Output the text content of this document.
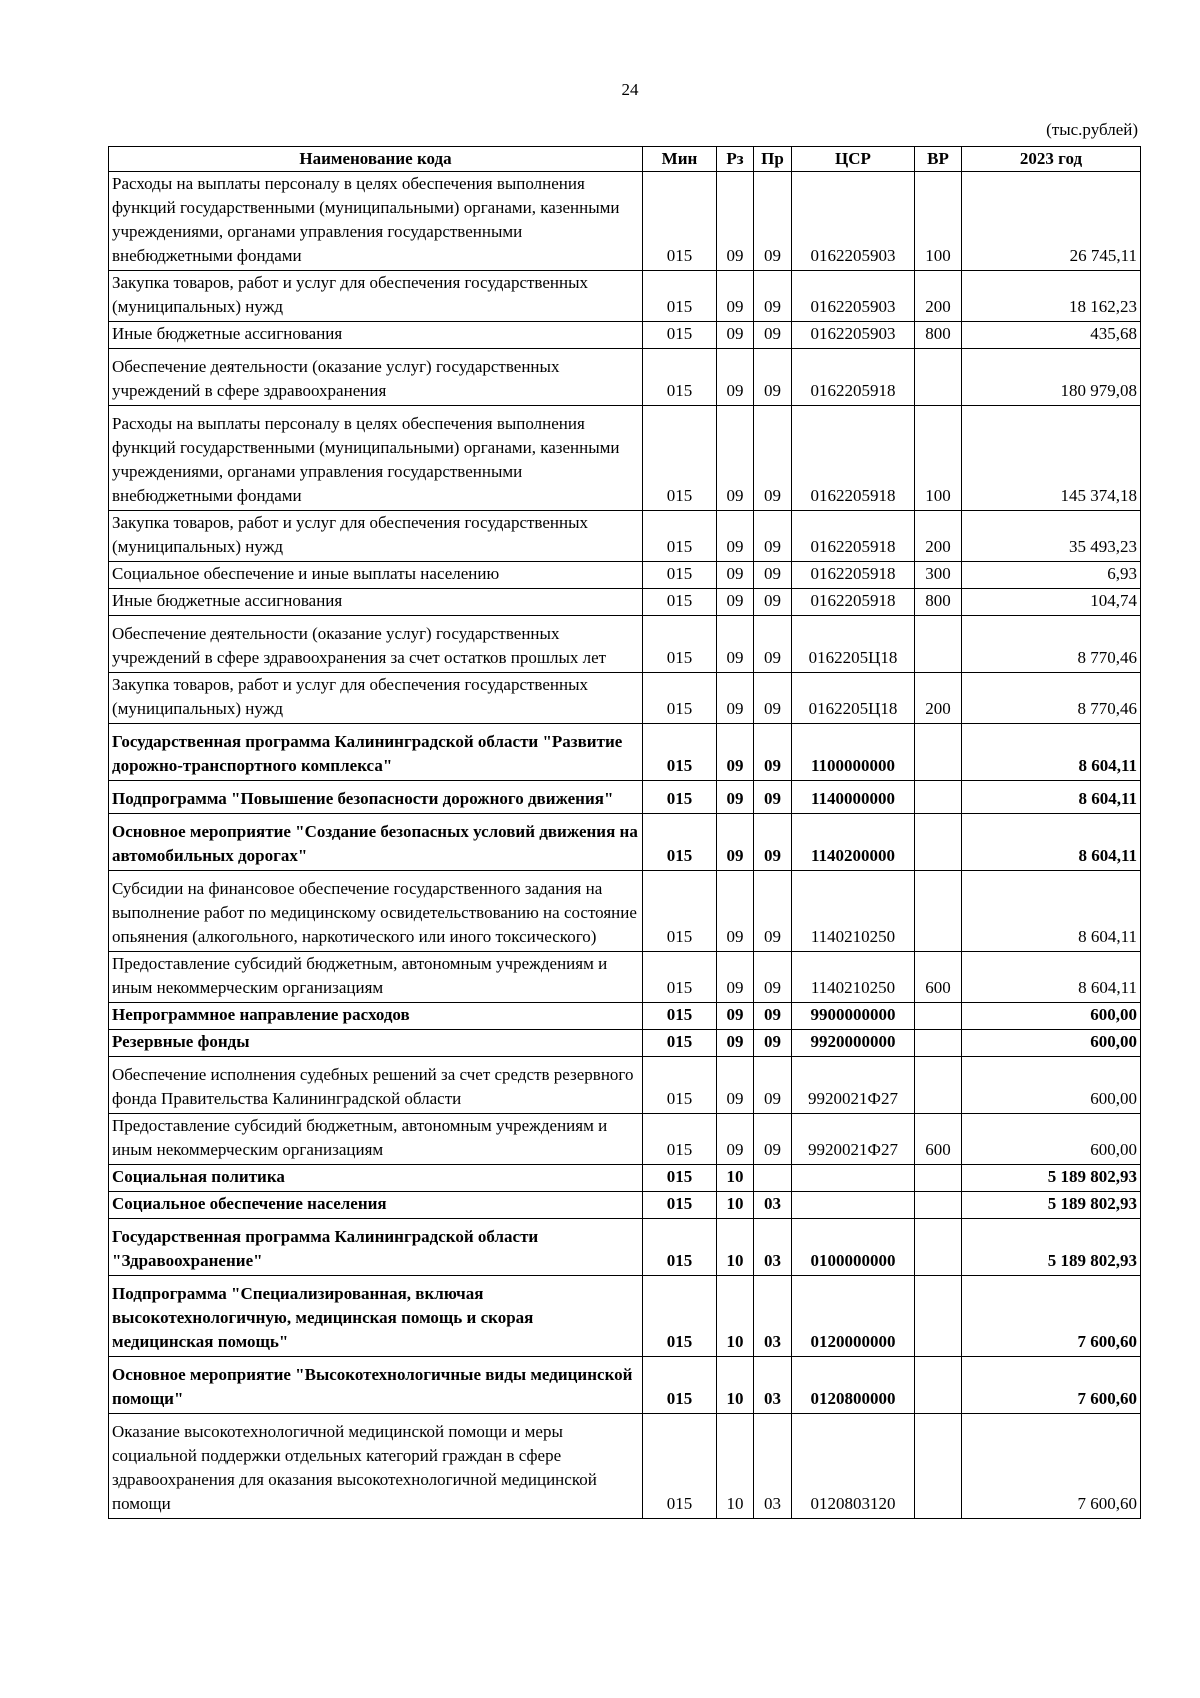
24
(тыс.рублей)
Наименование кода	Мин	Рз	Пр	ЦСР	ВР	2023 год
Расходы на выплаты персоналу в целях обеспечения выполнения функций государственными (муниципальными) органами, казенными учреждениями, органами управления государственными внебюджетными фондами	015	09	09	0162205903	100	26 745,11
Закупка товаров, работ и услуг для обеспечения государственных (муниципальных) нужд	015	09	09	0162205903	200	18 162,23
Иные бюджетные ассигнования	015	09	09	0162205903	800	435,68
Обеспечение деятельности (оказание услуг) государственных учреждений в сфере здравоохранения	015	09	09	0162205918		180 979,08
Расходы на выплаты персоналу в целях обеспечения выполнения функций государственными (муниципальными) органами, казенными учреждениями, органами управления государственными внебюджетными фондами	015	09	09	0162205918	100	145 374,18
Закупка товаров, работ и услуг для обеспечения государственных (муниципальных) нужд	015	09	09	0162205918	200	35 493,23
Социальное обеспечение и иные выплаты населению	015	09	09	0162205918	300	6,93
Иные бюджетные ассигнования	015	09	09	0162205918	800	104,74
Обеспечение деятельности (оказание услуг) государственных учреждений в сфере здравоохранения за счет остатков прошлых лет	015	09	09	0162205Ц18		8 770,46
Закупка товаров, работ и услуг для обеспечения государственных (муниципальных) нужд	015	09	09	0162205Ц18	200	8 770,46
Государственная программа Калининградской области "Развитие дорожно-транспортного комплекса"	015	09	09	1100000000		8 604,11
Подпрограмма "Повышение безопасности дорожного движения"	015	09	09	1140000000		8 604,11
Основное мероприятие "Создание безопасных условий движения на автомобильных дорогах"	015	09	09	1140200000		8 604,11
Субсидии на финансовое обеспечение государственного задания на выполнение работ по медицинскому освидетельствованию на состояние опьянения (алкогольного, наркотического или иного токсического)	015	09	09	1140210250		8 604,11
Предоставление субсидий бюджетным, автономным учреждениям и иным некоммерческим организациям	015	09	09	1140210250	600	8 604,11
Непрограммное направление расходов	015	09	09	9900000000		600,00
Резервные фонды	015	09	09	9920000000		600,00
Обеспечение исполнения судебных решений за счет средств резервного фонда Правительства Калининградской области	015	09	09	9920021Ф27		600,00
Предоставление субсидий бюджетным, автономным учреждениям и иным некоммерческим организациям	015	09	09	9920021Ф27	600	600,00
Социальная политика	015	10				5 189 802,93
Социальное обеспечение населения	015	10	03			5 189 802,93
Государственная программа Калининградской области "Здравоохранение"	015	10	03	0100000000		5 189 802,93
Подпрограмма "Специализированная, включая высокотехнологичную, медицинская помощь и скорая медицинская помощь"	015	10	03	0120000000		7 600,60
Основное мероприятие "Высокотехнологичные виды медицинской помощи"	015	10	03	0120800000		7 600,60
Оказание высокотехнологичной медицинской помощи и меры социальной поддержки отдельных категорий граждан в сфере здравоохранения для оказания высокотехнологичной медицинской помощи	015	10	03	0120803120		7 600,60
